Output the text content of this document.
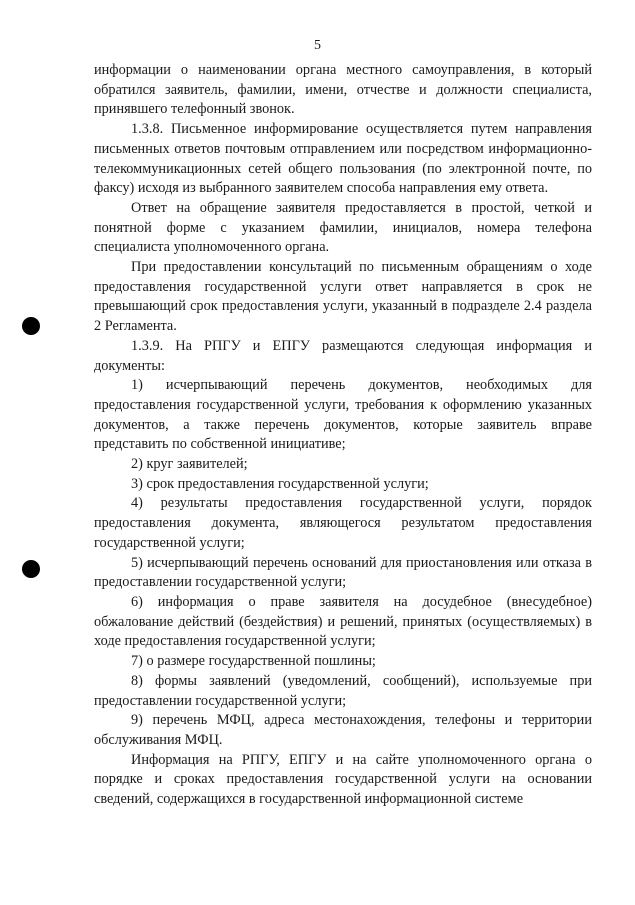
5

информации о наименовании органа местного самоуправления, в который обратился заявитель, фамилии, имени, отчестве и должности специалиста, принявшего телефонный звонок.

1.3.8. Письменное информирование осуществляется путем направления письменных ответов почтовым отправлением или посредством информационно-телекоммуникационных сетей общего пользования (по электронной почте, по факсу) исходя из выбранного заявителем способа направления ему ответа.

Ответ на обращение заявителя предоставляется в простой, четкой и понятной форме с указанием фамилии, инициалов, номера телефона специалиста уполномоченного органа.

При предоставлении консультаций по письменным обращениям о ходе предоставления государственной услуги ответ направляется в срок не превышающий срок предоставления услуги, указанный в подразделе 2.4 раздела 2 Регламента.

1.3.9. На РПГУ и ЕПГУ размещаются следующая информация и документы:

1) исчерпывающий перечень документов, необходимых для предоставления государственной услуги, требования к оформлению указанных документов, а также перечень документов, которые заявитель вправе представить по собственной инициативе;

2) круг заявителей;

3) срок предоставления государственной услуги;

4) результаты предоставления государственной услуги, порядок предоставления документа, являющегося результатом предоставления государственной услуги;

5) исчерпывающий перечень оснований для приостановления или отказа в предоставлении государственной услуги;

6) информация о праве заявителя на досудебное (внесудебное) обжалование действий (бездействия) и решений, принятых (осуществляемых) в ходе предоставления государственной услуги;

7) о размере государственной пошлины;

8) формы заявлений (уведомлений, сообщений), используемые при предоставлении государственной услуги;

9) перечень МФЦ, адреса местонахождения, телефоны и территории обслуживания МФЦ.

Информация на РПГУ, ЕПГУ и на сайте уполномоченного органа о порядке и сроках предоставления государственной услуги на основании сведений, содержащихся в государственной информационной системе
